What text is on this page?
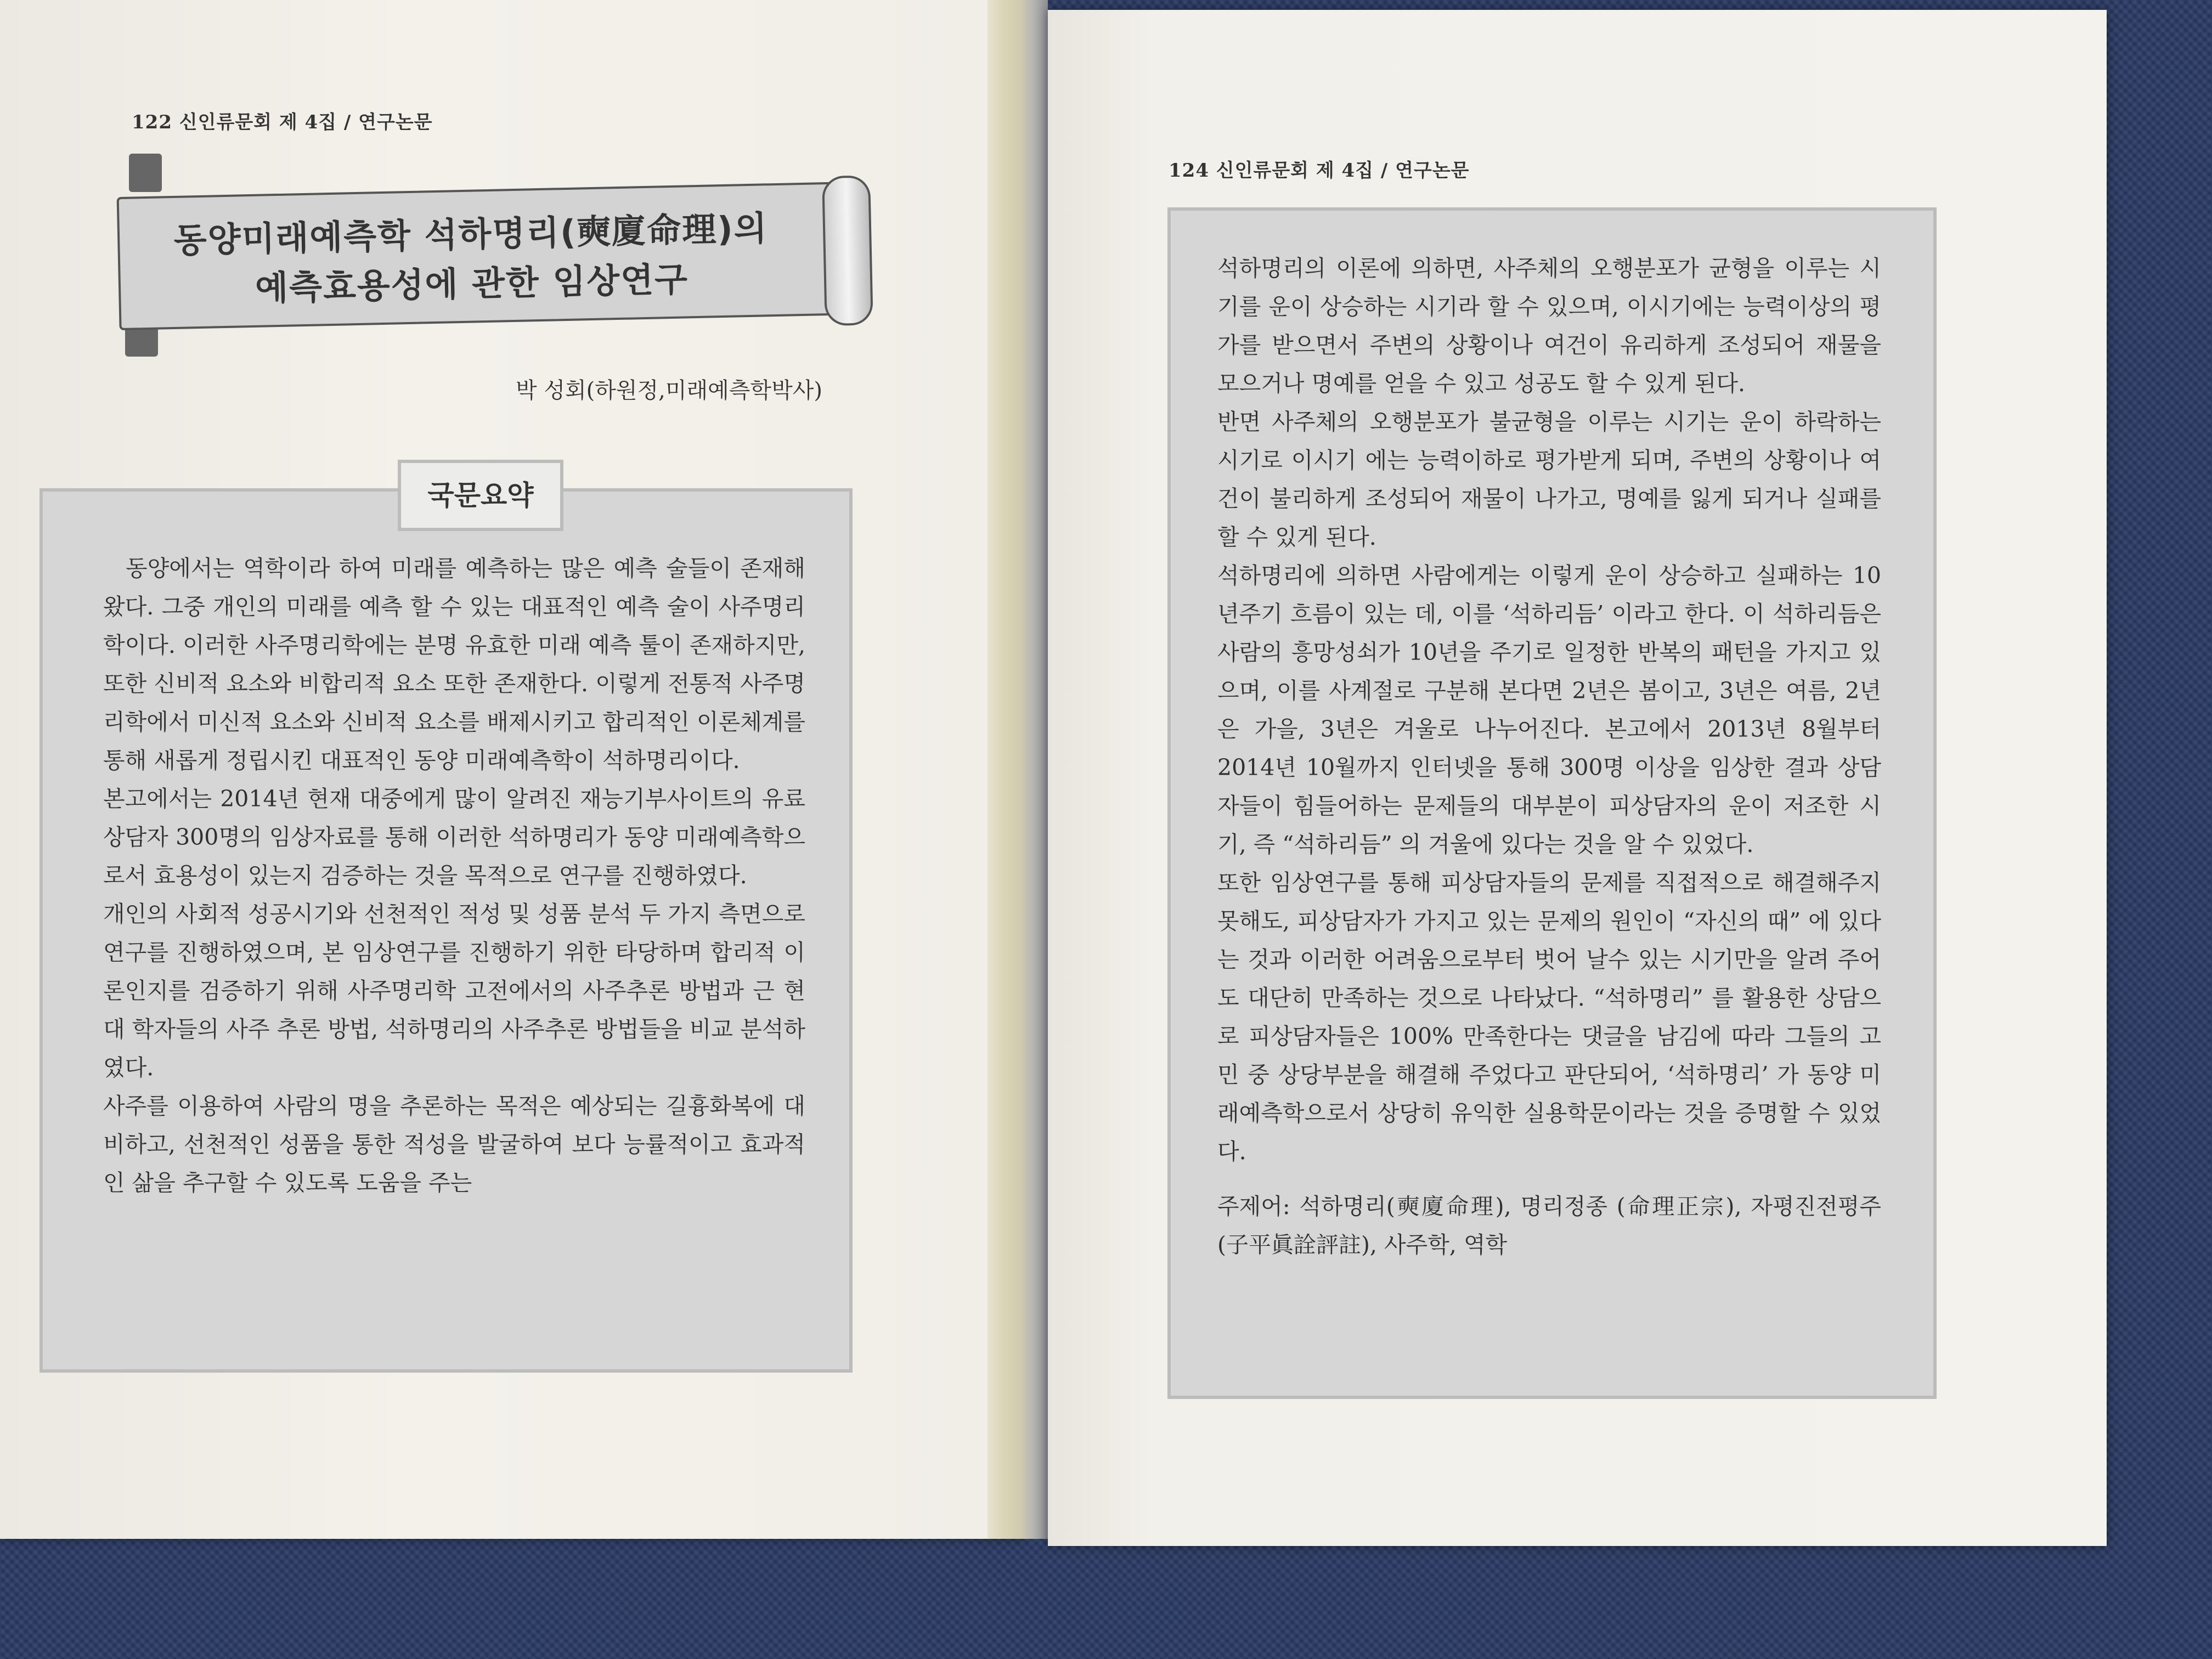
122 신인류문회 제 4집 / 연구논문
동양미래예측학 석하명리(奭廈命理)의
예측효용성에 관한 임상연구
박 성회(하원정,미래예측학박사)

동양에서는 역학이라 하여 미래를 예측하는 많은 예측 술들이 존재해 왔다. 그중 개인의 미래를 예측 할 수 있는 대표적인 예측 술이 사주명리학이다. 이러한 사주명리학에는 분명 유효한 미래 예측 툴이 존재하지만, 또한 신비적 요소와 비합리적 요소 또한 존재한다. 이렇게 전통적 사주명리학에서 미신적 요소와 신비적 요소를 배제시키고 합리적인 이론체계를 통해 새롭게 정립시킨 대표적인 동양 미래예측학이 석하명리이다.

본고에서는 2014년 현재 대중에게 많이 알려진 재능기부사이트의 유료 상담자 300명의 임상자료를 통해 이러한 석하명리가 동양 미래예측학으로서 효용성이 있는지 검증하는 것을 목적으로 연구를 진행하였다.

개인의 사회적 성공시기와 선천적인 적성 및 성품 분석 두 가지 측면으로 연구를 진행하였으며, 본 임상연구를 진행하기 위한 타당하며 합리적 이론인지를 검증하기 위해 사주명리학 고전에서의 사주추론 방법과 근 현대 학자들의 사주 추론 방법, 석하명리의 사주추론 방법들을 비교 분석하였다.

사주를 이용하여 사람의 명을 추론하는 목적은 예상되는 길흉화복에 대비하고, 선천적인 성품을 통한 적성을 발굴하여 보다 능률적이고 효과적인 삶을 추구할 수 있도록 도움을 주는

국문요약
124 신인류문회 제 4집 / 연구논문

석하명리의 이론에 의하면, 사주체의 오행분포가 균형을 이루는 시기를 운이 상승하는 시기라 할 수 있으며, 이시기에는 능력이상의 평가를 받으면서 주변의 상황이나 여건이 유리하게 조성되어 재물을 모으거나 명예를 얻을 수 있고 성공도 할 수 있게 된다.

반면 사주체의 오행분포가 불균형을 이루는 시기는 운이 하락하는 시기로 이시기 에는 능력이하로 평가받게 되며, 주변의 상황이나 여건이 불리하게 조성되어 재물이 나가고, 명예를 잃게 되거나 실패를 할 수 있게 된다.

석하명리에 의하면 사람에게는 이렇게 운이 상승하고 실패하는 10년주기 흐름이 있는 데, 이를 ‘석하리듬’ 이라고 한다. 이 석하리듬은 사람의 흥망성쇠가 10년을 주기로 일정한 반복의 패턴을 가지고 있으며, 이를 사계절로 구분해 본다면 2년은 봄이고, 3년은 여름, 2년은 가을, 3년은 겨울로 나누어진다. 본고에서 2013년 8월부터 2014년 10월까지 인터넷을 통해 300명 이상을 임상한 결과 상담자들이 힘들어하는 문제들의 대부분이 피상담자의 운이 저조한 시기, 즉 “석하리듬” 의 겨울에 있다는 것을 알 수 있었다.

또한 임상연구를 통해 피상담자들의 문제를 직접적으로 해결해주지 못해도, 피상담자가 가지고 있는 문제의 원인이 “자신의 때” 에 있다는 것과 이러한 어려움으로부터 벗어 날수 있는 시기만을 알려 주어도 대단히 만족하는 것으로 나타났다. “석하명리” 를 활용한 상담으로 피상담자들은 100% 만족한다는 댓글을 남김에 따라 그들의 고민 중 상당부분을 해결해 주었다고 판단되어, ‘석하명리’ 가 동양 미래예측학으로서 상당히 유익한 실용학문이라는 것을 증명할 수 있었다.

주제어: 석하명리(奭廈命理), 명리정종 (命理正宗), 자평진전평주(子平眞詮評註), 사주학, 역학
